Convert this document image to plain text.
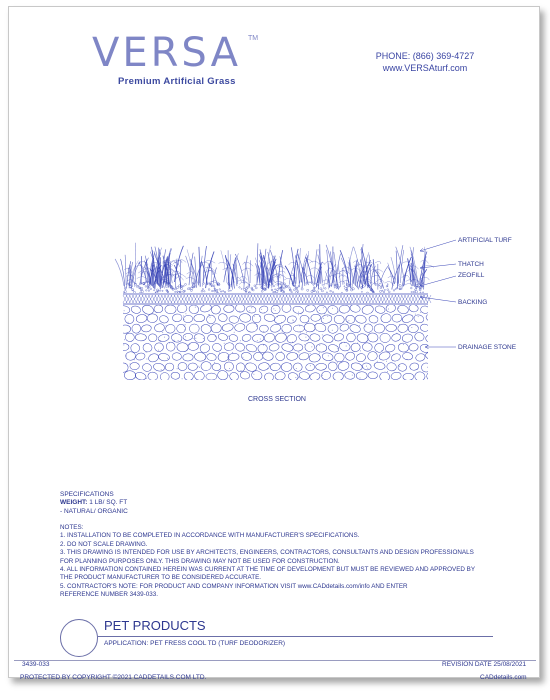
VERSA TM
Premium Artificial Grass
PHONE: (866) 369-4727
www.VERSAturf.com
ARTIFICIAL TURF
THATCH
ZEOFILL
BACKING
DRAINAGE STONE
CROSS SECTION
SPECIFICATIONS
WEIGHT: 1 LB/ SQ. FT
- NATURAL/ ORGANIC
NOTES:
1. INSTALLATION TO BE COMPLETED IN ACCORDANCE WITH MANUFACTURER'S SPECIFICATIONS.
2. DO NOT SCALE DRAWING.
3. THIS DRAWING IS INTENDED FOR USE BY ARCHITECTS, ENGINEERS, CONTRACTORS, CONSULTANTS AND DESIGN PROFESSIONALS
FOR PLANNING PURPOSES ONLY. THIS DRAWING MAY NOT BE USED FOR CONSTRUCTION.
4. ALL INFORMATION CONTAINED HEREIN WAS CURRENT AT THE TIME OF DEVELOPMENT BUT MUST BE REVIEWED AND APPROVED BY
THE PRODUCT MANUFACTURER TO BE CONSIDERED ACCURATE.
5. CONTRACTOR'S NOTE: FOR PRODUCT AND COMPANY INFORMATION VISIT www.CADdetails.com/info AND ENTER
REFERENCE NUMBER 3439-033.
PET PRODUCTS
APPLICATION: PET FRESS COOL TD (TURF DEODORIZER)
3439-033	REVISION DATE 25/08/2021
PROTECTED BY COPYRIGHT ©2021 CADDETAILS.COM LTD.	CADdetails.com
